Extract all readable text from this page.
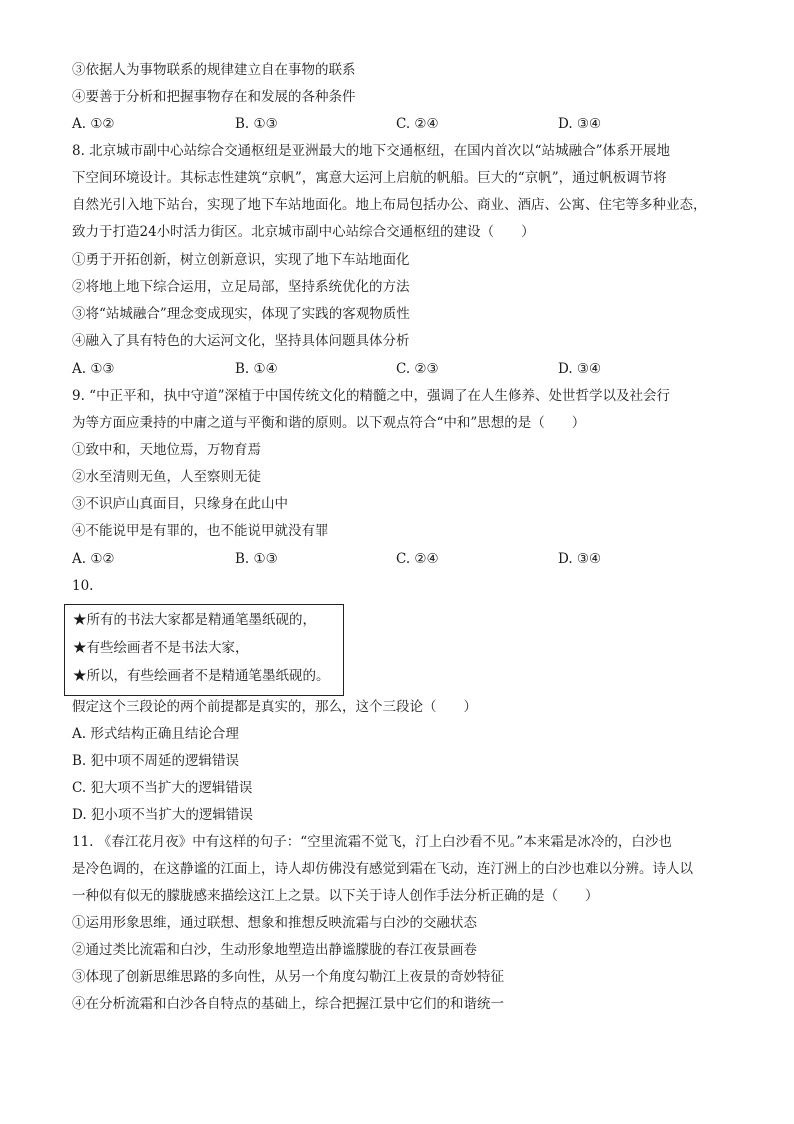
③依据人为事物联系的规律建立自在事物的联系
④要善于分析和把握事物存在和发展的各种条件
A. ①②	B. ①③	C. ②④	D. ③④
8. 北京城市副中心站综合交通枢纽是亚洲最大的地下交通枢纽，在国内首次以“站城融合”体系开展地
下空间环境设计。其标志性建筑“京帆”，寓意大运河上启航的帆船。巨大的“京帆”，通过帆板调节将
自然光引入地下站台，实现了地下车站地面化。地上布局包括办公、商业、酒店、公寓、住宅等多种业态，
致力于打造24小时活力街区。北京城市副中心站综合交通枢纽的建设（　　）
①勇于开拓创新，树立创新意识，实现了地下车站地面化
②将地上地下综合运用，立足局部，坚持系统优化的方法
③将“站城融合”理念变成现实，体现了实践的客观物质性
④融入了具有特色的大运河文化，坚持具体问题具体分析
A. ①③	B. ①④	C. ②③	D. ③④
9. “中正平和，执中守道”深植于中国传统文化的精髓之中，强调了在人生修养、处世哲学以及社会行
为等方面应秉持的中庸之道与平衡和谐的原则。以下观点符合“中和”思想的是（　　）
①致中和，天地位焉，万物育焉
②水至清则无鱼，人至察则无徒
③不识庐山真面目，只缘身在此山中
④不能说甲是有罪的，也不能说甲就没有罪
A. ①②	B. ①③	C. ②④	D. ③④
10.
★所有的书法大家都是精通笔墨纸砚的，
★有些绘画者不是书法大家，
★所以，有些绘画者不是精通笔墨纸砚的。
假定这个三段论的两个前提都是真实的，那么，这个三段论（　　）
A. 形式结构正确且结论合理
B. 犯中项不周延的逻辑错误
C. 犯大项不当扩大的逻辑错误
D. 犯小项不当扩大的逻辑错误
11. 《春江花月夜》中有这样的句子：“空里流霜不觉飞，汀上白沙看不见。”本来霜是冰冷的，白沙也
是冷色调的，在这静谧的江面上，诗人却仿佛没有感觉到霜在飞动，连汀洲上的白沙也难以分辨。诗人以
一种似有似无的朦胧感来描绘这江上之景。以下关于诗人创作手法分析正确的是（　　）
①运用形象思维，通过联想、想象和推想反映流霜与白沙的交融状态
②通过类比流霜和白沙，生动形象地塑造出静谧朦胧的春江夜景画卷
③体现了创新思维思路的多向性，从另一个角度勾勒江上夜景的奇妙特征
④在分析流霜和白沙各自特点的基础上，综合把握江景中它们的和谐统一
